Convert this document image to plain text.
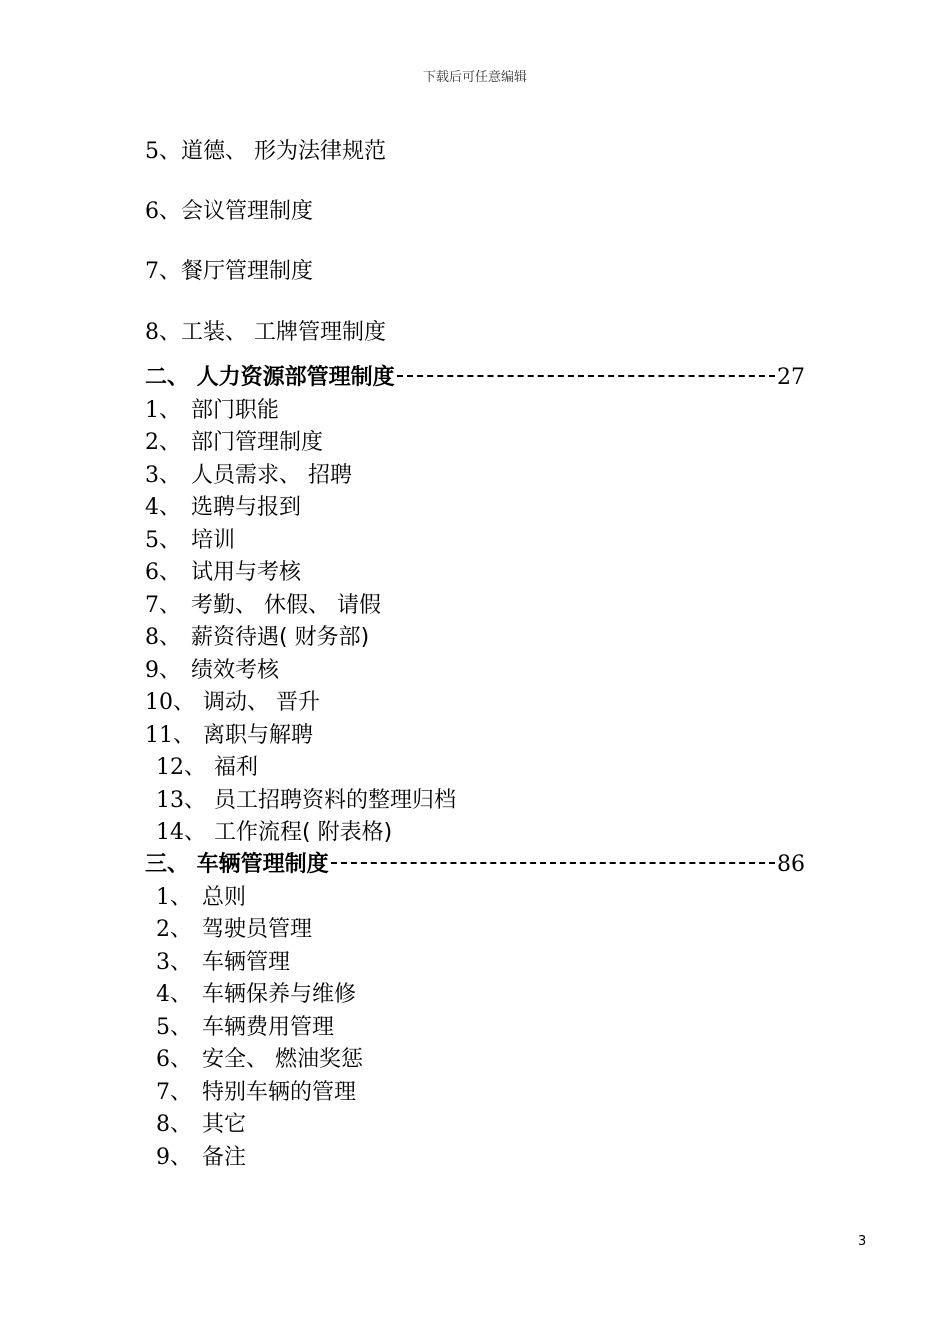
下载后可任意编辑
5、道德、 形为法律规范
6、会议管理制度
7、餐厅管理制度
8、工装、 工牌管理制度
二、 人力资源部管理制度	27
1、 部门职能
2、 部门管理制度
3、 人员需求、 招聘
4、 选聘与报到
5、 培训
6、 试用与考核
7、 考勤、 休假、 请假
8、 薪资待遇( 财务部)
9、 绩效考核
10、 调动、 晋升
11、 离职与解聘
12、 福利
13、 员工招聘资料的整理归档
14、 工作流程( 附表格)
三、 车辆管理制度	86
1、 总则
2、 驾驶员管理
3、 车辆管理
4、 车辆保养与维修
5、 车辆费用管理
6、 安全、 燃油奖惩
7、 特别车辆的管理
8、 其它
9、 备注
3
